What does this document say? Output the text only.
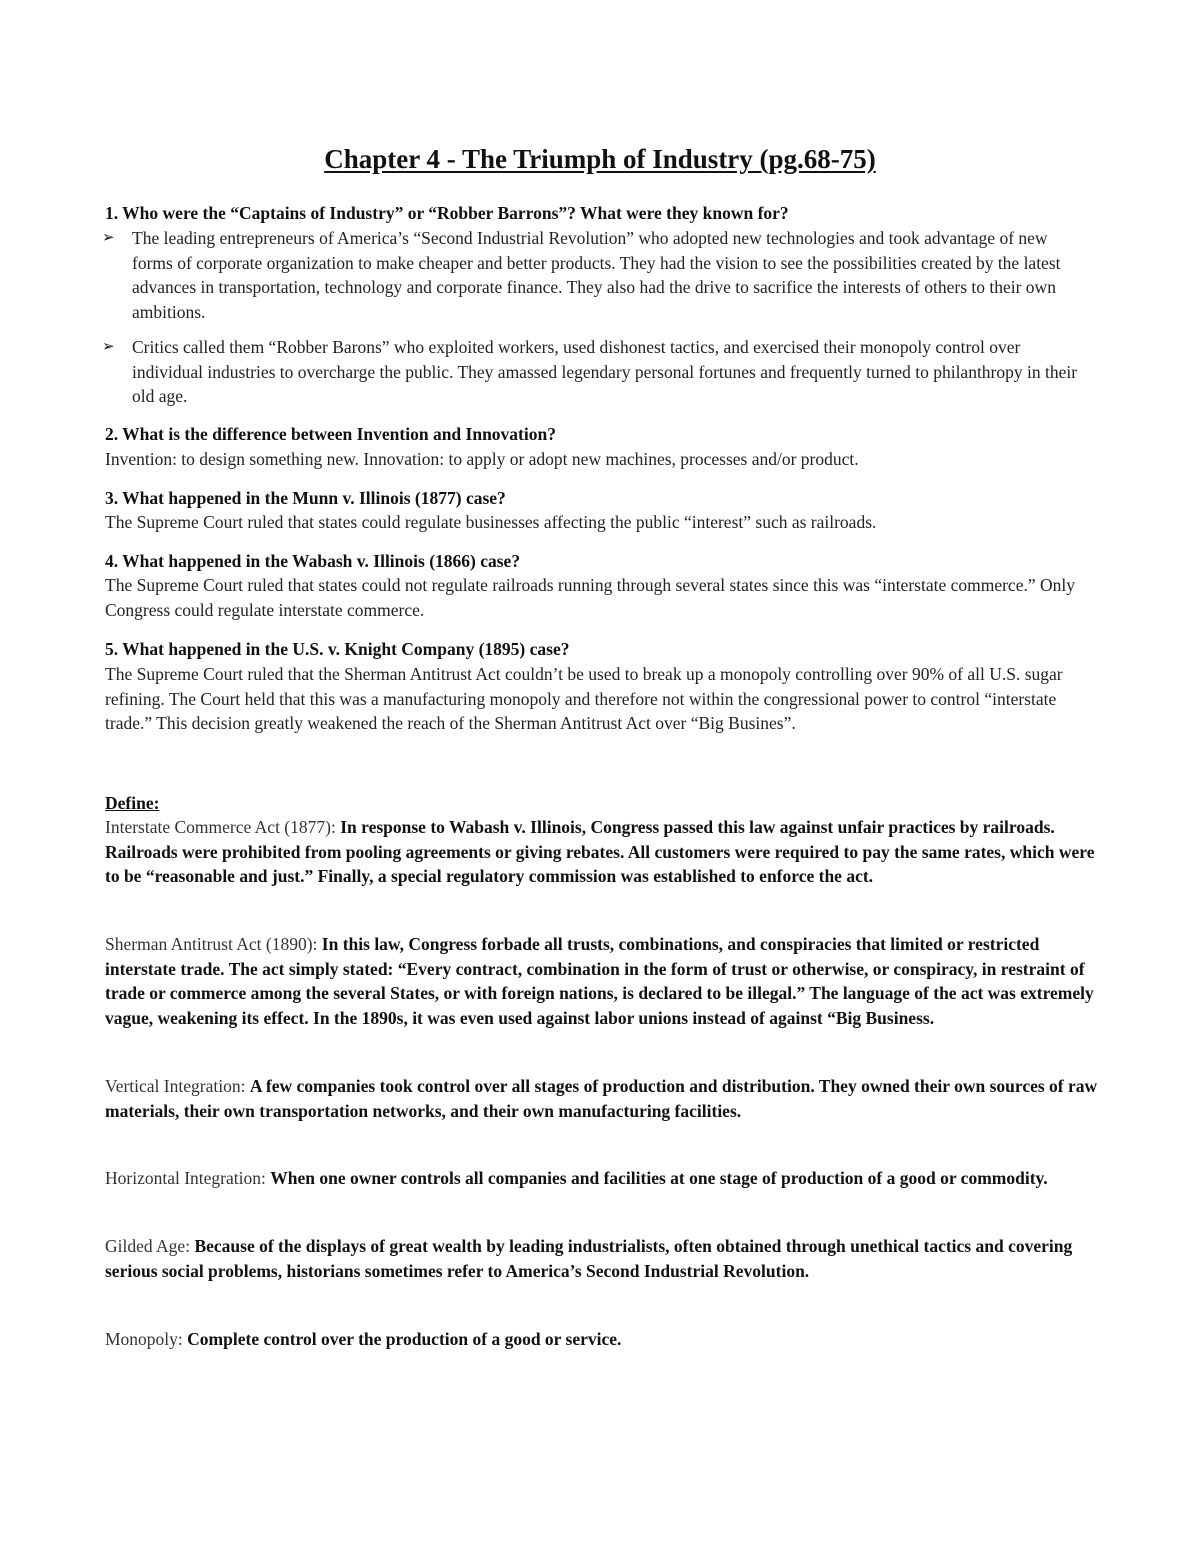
Chapter 4 - The Triumph of Industry (pg.68-75)

1. Who were the “Captains of Industry” or “Robber Barrons”? What were they known for?

➢ The leading entrepreneurs of America’s “Second Industrial Revolution” who adopted new technologies and took advantage of new forms of corporate organization to make cheaper and better products. They had the vision to see the possibilities created by the latest advances in transportation, technology and corporate finance. They also had the drive to sacrifice the interests of others to their own ambitions.
➢ Critics called them “Robber Barons” who exploited workers, used dishonest tactics, and exercised their monopoly control over individual industries to overcharge the public. They amassed legendary personal fortunes and frequently turned to philanthropy in their old age.

2. What is the difference between Invention and Innovation?

Invention: to design something new. Innovation: to apply or adopt new machines, processes and/or product.

3. What happened in the Munn v. Illinois (1877) case?

The Supreme Court ruled that states could regulate businesses affecting the public “interest” such as railroads.

4. What happened in the Wabash v. Illinois (1866) case?

The Supreme Court ruled that states could not regulate railroads running through several states since this was “interstate commerce.” Only Congress could regulate interstate commerce.

5. What happened in the U.S. v. Knight Company (1895) case?

The Supreme Court ruled that the Sherman Antitrust Act couldn’t be used to break up a monopoly controlling over 90% of all U.S. sugar refining. The Court held that this was a manufacturing monopoly and therefore not within the congressional power to control “interstate trade.” This decision greatly weakened the reach of the Sherman Antitrust Act over “Big Busines”.

Define:

Interstate Commerce Act (1877): In response to Wabash v. Illinois, Congress passed this law against unfair practices by railroads. Railroads were prohibited from pooling agreements or giving rebates. All customers were required to pay the same rates, which were to be “reasonable and just.” Finally, a special regulatory commission was established to enforce the act.

Sherman Antitrust Act (1890): In this law, Congress forbade all trusts, combinations, and conspiracies that limited or restricted interstate trade. The act simply stated: “Every contract, combination in the form of trust or otherwise, or conspiracy, in restraint of trade or commerce among the several States, or with foreign nations, is declared to be illegal.” The language of the act was extremely vague, weakening its effect. In the 1890s, it was even used against labor unions instead of against “Big Business.

Vertical Integration: A few companies took control over all stages of production and distribution. They owned their own sources of raw materials, their own transportation networks, and their own manufacturing facilities.

Horizontal Integration: When one owner controls all companies and facilities at one stage of production of a good or commodity.

Gilded Age: Because of the displays of great wealth by leading industrialists, often obtained through unethical tactics and covering serious social problems, historians sometimes refer to America’s Second Industrial Revolution.

Monopoly: Complete control over the production of a good or service.
